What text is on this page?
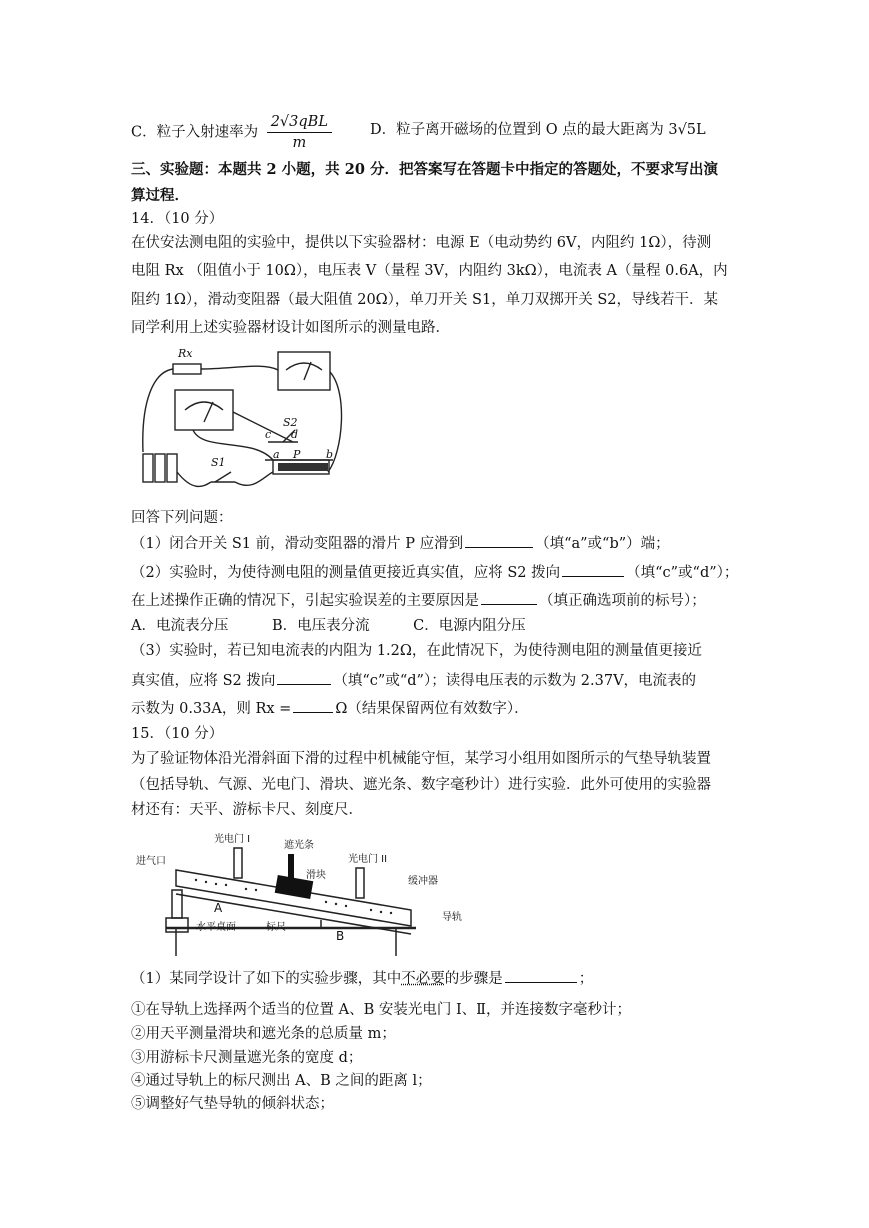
C．粒子入射速率为 $\frac{\text{2√3qBL}}{m}$	D．粒子离开磁场的位置到 O 点的最大距离为 3√5L
三、实验题：本题共 2 小题，共 20 分．把答案写在答题卡中指定的答题处，不要求写出演
算过程．
14．（10 分）
在伏安法测电阻的实验中，提供以下实验器材：电源 E（电动势约 6V，内阻约 1Ω），待测
电阻 Rx （阻值小于 10Ω），电压表 V（量程 3V，内阻约 3kΩ），电流表 A（量程 0.6A，内
阻约 1Ω），滑动变阻器（最大阻值 20Ω），单刀开关 S1，单刀双掷开关 S2，导线若干．某
同学利用上述实验器材设计如图所示的测量电路．
Rx
S2
S1
c d
a P b
回答下列问题：
（1）闭合开关 S1 前，滑动变阻器的滑片 P 应滑到	（填“a”或“b”）端；
（2）实验时，为使待测电阻的测量值更接近真实值，应将 S2 拨向	（填“c”或“d”）；
在上述操作正确的情况下，引起实验误差的主要原因是	（填正确选项前的标号）；
A．电流表分压　　　B．电压表分流　　　C．电源内阻分压
（3）实验时，若已知电流表的内阻为 1.2Ω，在此情况下，为使待测电阻的测量值更接近
真实值，应将 S2 拨向	（填“c”或“d”）；读得电压表的示数为 2.37V，电流表的
示数为 0.33A，则 Rx =	Ω（结果保留两位有效数字）．
15．（10 分）
为了验证物体沿光滑斜面下滑的过程中机械能守恒，某学习小组用如图所示的气垫导轨装置
（包括导轨、气源、光电门、滑块、遮光条、数字毫秒计）进行实验．此外可使用的实验器
材还有：天平、游标卡尺、刻度尺．
光电门 I
遮光条
进气口
滑块
光电门 II
缓冲器
A
B
水平桌面	标尺
导轨
（1）某同学设计了如下的实验步骤，其中不必要的步骤是	；
①在导轨上选择两个适当的位置 A、B 安装光电门 Ⅰ、Ⅱ，并连接数字毫秒计；
②用天平测量滑块和遮光条的总质量 m；
③用游标卡尺测量遮光条的宽度 d；
④通过导轨上的标尺测出 A、B 之间的距离 l；
⑤调整好气垫导轨的倾斜状态；
